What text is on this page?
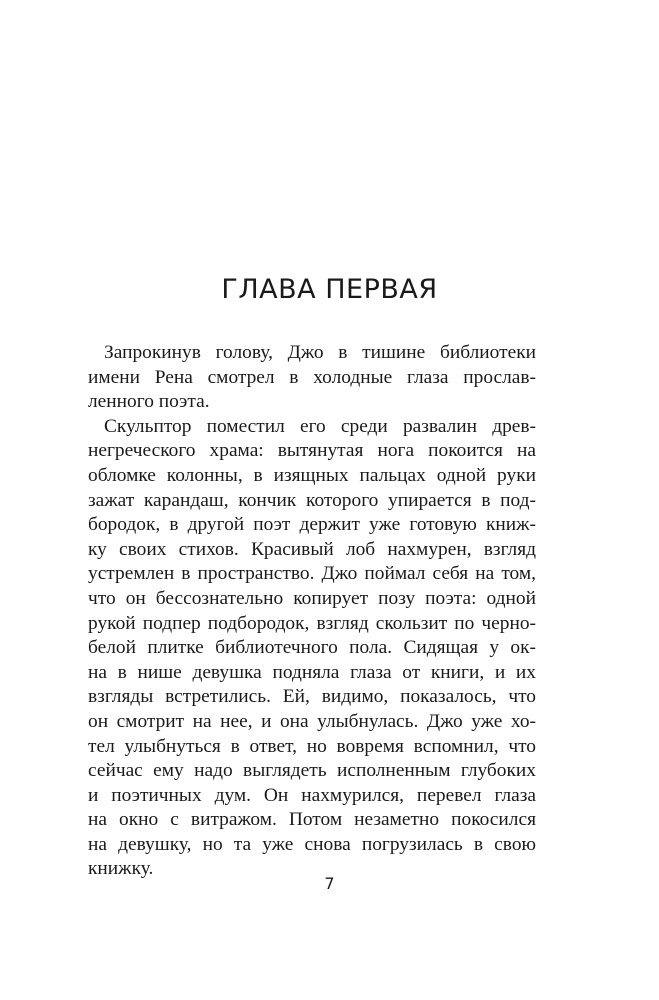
ГЛАВА ПЕРВАЯ
Запрокинув голову, Джо в тишине библиотеки
имени Рена смотрел в холодные глаза прослав-
ленного поэта.
Скульптор поместил его среди развалин древ-
негреческого храма: вытянутая нога покоится на
обломке колонны, в изящных пальцах одной руки
зажат карандаш, кончик которого упирается в под-
бородок, в другой поэт держит уже готовую книж-
ку своих стихов. Красивый лоб нахмурен, взгляд
устремлен в пространство. Джо поймал себя на том,
что он бессознательно копирует позу поэта: одной
рукой подпер подбородок, взгляд скользит по черно-
белой плитке библиотечного пола. Сидящая у ок-
на в нише девушка подняла глаза от книги, и их
взгляды встретились. Ей, видимо, показалось, что
он смотрит на нее, и она улыбнулась. Джо уже хо-
тел улыбнуться в ответ, но вовремя вспомнил, что
сейчас ему надо выглядеть исполненным глубоких
и поэтичных дум. Он нахмурился, перевел глаза
на окно с витражом. Потом незаметно покосился
на девушку, но та уже снова погрузилась в свою
книжку.
7
